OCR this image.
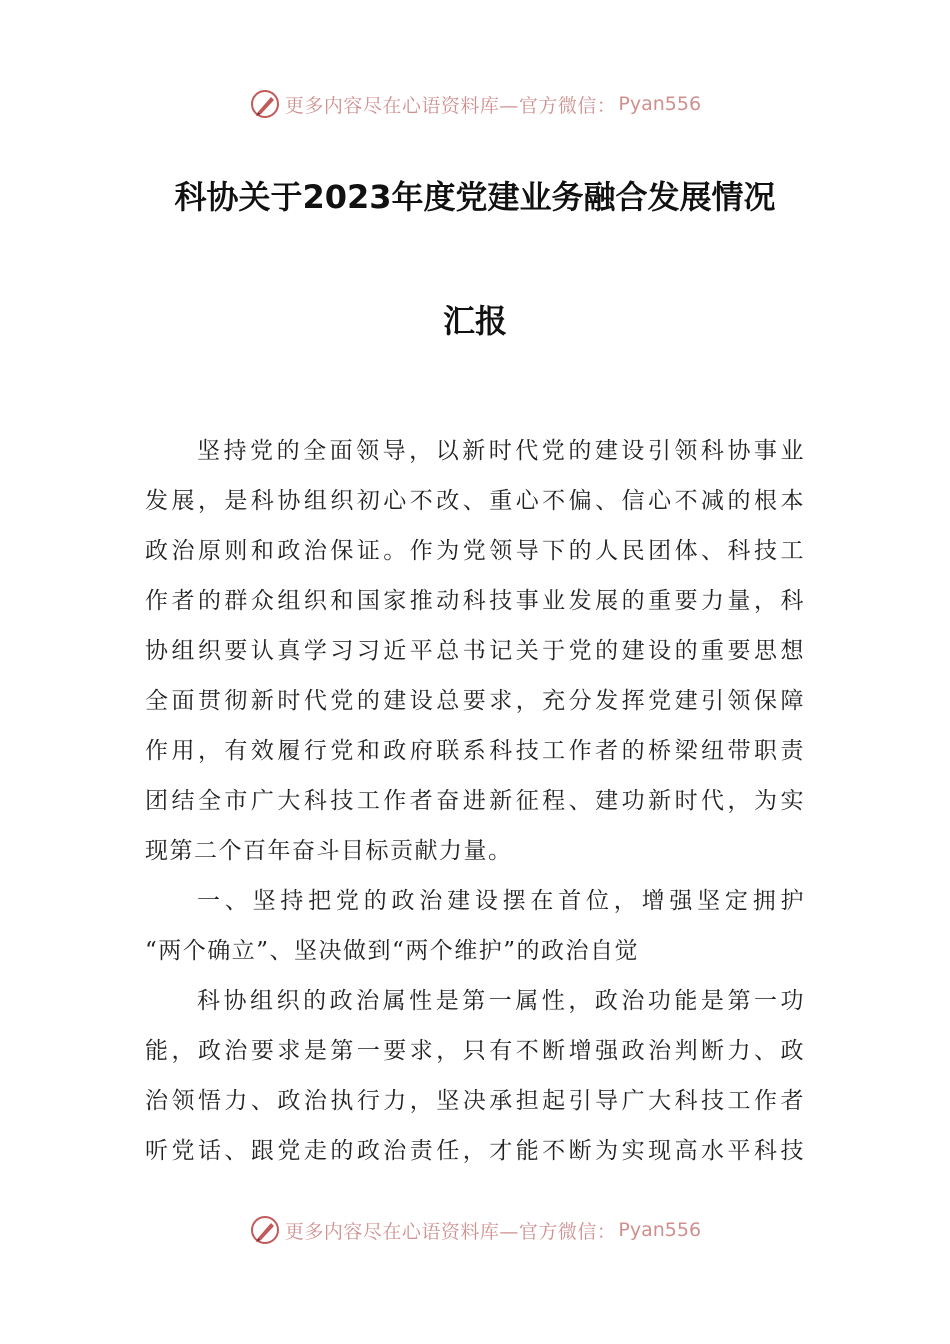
更多内容尽在心语资料库—官方微信： Pyan556
科协关于2023年度党建业务融合发展情况
汇报
坚持党的全面领导，以新时代党的建设引领科协事业
发展，是科协组织初心不改、重心不偏、信心不减的根本
政治原则和政治保证。作为党领导下的人民团体、科技工
作者的群众组织和国家推动科技事业发展的重要力量，科
协组织要认真学习习近平总书记关于党的建设的重要思想
全面贯彻新时代党的建设总要求，充分发挥党建引领保障
作用，有效履行党和政府联系科技工作者的桥梁纽带职责
团结全市广大科技工作者奋进新征程、建功新时代，为实
现第二个百年奋斗目标贡献力量。
一、坚持把党的政治建设摆在首位，增强坚定拥护
“两个确立”、坚决做到“两个维护”的政治自觉
科协组织的政治属性是第一属性，政治功能是第一功
能，政治要求是第一要求，只有不断增强政治判断力、政
治领悟力、政治执行力，坚决承担起引导广大科技工作者
听党话、跟党走的政治责任，才能不断为实现高水平科技
更多内容尽在心语资料库—官方微信： Pyan556
